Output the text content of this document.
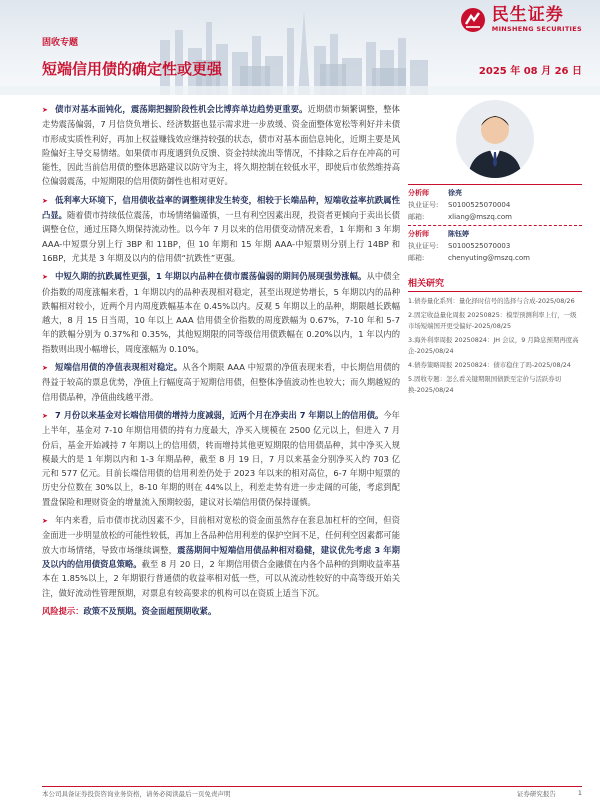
民生证券
MINSHENG SECURITIES
固收专题
短端信用债的确定性或更强	2025 年 08 月 26 日

➤ 债市对基本面钝化，震荡期把握阶段性机会比博弈单边趋势更重要。近期债市频繁调整，整体走势震荡偏弱，7 月信贷负增长、经济数据也显示需求进一步放缓、资金面整体宽松等利好并未债市形成实质性利好，再加上权益赚钱效应继持较强的状态，债市对基本面信息钝化，近期主要是风险偏好主导交易情绪。如果债市再度遇到负反馈、资金持续流出等情况，不排除之后存在冲高的可能性，因此当前信用债的整体思路建议以防守为主，将久期控制在较低水平，即使后市依然维持高位偏弱震荡，中短期限的信用债防御性也相对更好。

➤ 低利率大环境下，信用债收益率的调整规律发生转变，相较于长端品种，短端收益率抗跌属性凸显。随着债市持续低位震荡，市场情绪偏谨慎，一旦有利空因素出现，投资者更倾向于卖出长债调整仓位，通过压降久期保持流动性。以今年 7 月以来的信用债变动情况来看，1 年期和 3 年期 AAA-中短票分别上行 3BP 和 11BP，但 10 年期和 15 年期 AAA-中短票则分别上行 14BP 和 16BP，尤其是 3 年期及以内的信用债“抗跌性”更强。

➤ 中短久期的抗跌属性更强，1 年期以内品种在债市震荡偏弱的期间仍展现强势涨幅。从中债全价指数的周度涨幅来看，1 年期以内的品种表现相对稳定，甚至出现逆势增长，5 年期以内的品种跌幅相对较小，近两个月内周度跌幅基本在 0.45%以内。反观 5 年期以上的品种，期限越长跌幅越大，8 月 15 日当周，10 年以上 AAA 信用债全价指数的周度跌幅为 0.67%，7-10 年和 5-7 年的跌幅分别为 0.37%和 0.35%，其他短期限的同等级信用债跌幅在 0.20%以内，1 年以内的指数则出现小幅增长，周度涨幅为 0.10%。

➤ 短端信用债的净值表现相对稳定。从各个期限 AAA 中短票的净值表现来看，中长期信用债的得益于较高的票息优势，净值上行幅度高于短期信用债，但整体净值波动性也较大；而久期越短的信用债品种，净值曲线越平滑。

➤ 7 月份以来基金对长端信用债的增持力度减弱，近两个月在净卖出 7 年期以上的信用债。今年上半年，基金对 7-10 年期信用债的持有力度最大，净买入规模在 2500 亿元以上，但进入 7 月份后，基金开始减持 7 年期以上的信用债，转而增持其他更短期限的信用债品种，其中净买入规模最大的是 1 年期以内和 1-3 年期品种，截至 8 月 19 日，7 月以来基金分别净买入约 703 亿元和 577 亿元。目前长端信用债的信用利差仍处于 2023 年以来的相对高位，6-7 年期中短票的历史分位数在 30%以上，8-10 年期的则在 44%以上，利差走势有进一步走阔的可能，考虑到配置盘保险和理财资金的增量流入预期较弱，建议对长端信用债仍保持谨慎。

➤ 年内来看，后市债市扰动因素不少，目前相对宽松的资金面虽然存在套息加杠杆的空间，但资金面进一步明显放松的可能性较低，再加上各品种信用利差的保护空间不足，任何利空因素都可能放大市场情绪，导致市场继续调整，震荡期间中短端信用债品种相对稳健，建议优先考虑 3 年期及以内的信用债资息策略。截至 8 月 20 日，2 年期信用债合金融债在内各个品种的到期收益率基本在 1.85%以上，2 年期银行普通债的收益率相对低一些，可以从流动性较好的中高等级开始关注，做好流动性管理预期，对票息有较高要求的机构可以在资质上适当下沉。

风险提示：政策不及预期。资金面超预期收紧。

分析师	徐亮
执业证号:	S0100525070004
邮箱:	xliang@mszq.com
分析师	陈钰婷
执业证号:	S0100525070003
邮箱:	chenyuting@mszq.com
相关研究
1.债券量化系列：量化择时信号的选择与合成-2025/08/26
2.固定收益量化周报 20250825：模型预测利率上行，一级市场短端国开更受偏好-2025/08/25
3.海外利率周报 20250824：JH 会议，9 月降息预期再度高企-2025/08/24
4.债券策略周报 20250824：债市稳住了吗-2025/08/24
5.固收专题：怎么看关键期限国债跌至定价与活跃券切换-2025/08/24
本公司具备证券投资咨询业务资格，请务必阅读最后一页免责声明	证券研究报告	1
